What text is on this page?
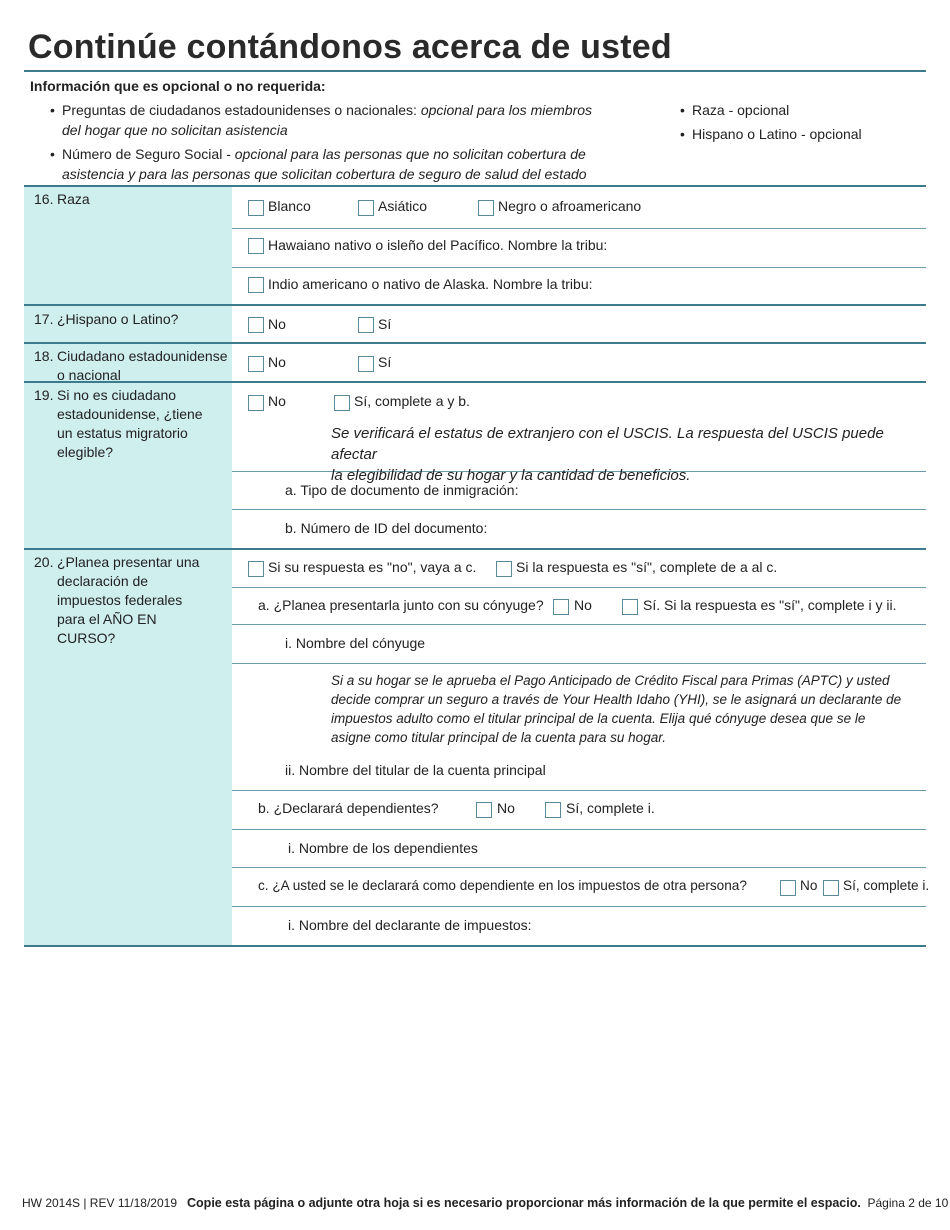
Continúe contándonos acerca de usted
Información que es opcional o no requerida:
• Preguntas de ciudadanos estadounidenses o nacionales: opcional para los miembros
del hogar que no solicitan asistencia
• Número de Seguro Social - opcional para las personas que no solicitan cobertura de
asistencia y para las personas que solicitan cobertura de seguro de salud del estado
• Raza - opcional
• Hispano o Latino - opcional
16. Raza	Blanco	Asiático	Negro o afroamericano
Hawaiano nativo o isleño del Pacífico. Nombre la tribu:
Indio americano o nativo de Alaska. Nombre la tribu:
17. ¿Hispano o Latino?	No	Sí
18. Ciudadano estadounidense
o nacional
No	Sí
19. Si no es ciudadano estadounidense, ¿tiene un estatus migratorio elegible?
No	Sí, complete a y b.
Se verificará el estatus de extranjero con el USCIS. La respuesta del USCIS puede afectar
la elegibilidad de su hogar y la cantidad de beneficios.
a. Tipo de documento de inmigración:
b. Número de ID del documento:
20. ¿Planea presentar una declaración de impuestos federales para el AÑO EN CURSO?
Si su respuesta es "no", vaya a c.	Si la respuesta es "sí", complete de a al c.
a. ¿Planea presentarla junto con su cónyuge? No	Sí. Si la respuesta es "sí", complete i y ii.
i. Nombre del cónyuge
Si a su hogar se le aprueba el Pago Anticipado de Crédito Fiscal para Primas (APTC) y usted
decide comprar un seguro a través de Your Health Idaho (YHI), se le asignará un declarante de
impuestos adulto como el titular principal de la cuenta. Elija qué cónyuge desea que se le
asigne como titular principal de la cuenta para su hogar.
ii. Nombre del titular de la cuenta principal
b. ¿Declarará dependientes?	No	Sí, complete i.
i. Nombre de los dependientes
c. ¿A usted se le declarará como dependiente en los impuestos de otra persona?	No Sí, complete i.
i. Nombre del declarante de impuestos:
HW 2014S | REV 11/18/2019 Copie esta página o adjunte otra hoja si es necesario proporcionar más información de la que permite el espacio. Página 2 de 10
